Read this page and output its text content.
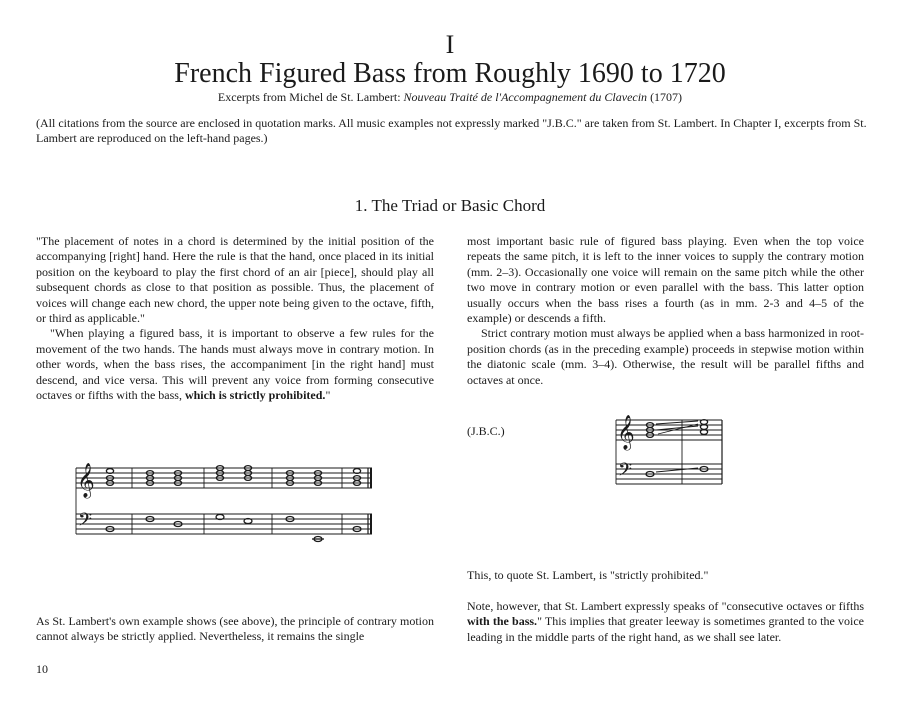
I
French Figured Bass from Roughly 1690 to 1720
Excerpts from Michel de St. Lambert: Nouveau Traité de l'Accompagnement du Clavecin (1707)
(All citations from the source are enclosed in quotation marks. All music examples not expressly marked "J.B.C." are taken from St. Lambert. In Chapter I, excerpts from St. Lambert are reproduced on the left-hand pages.)
1. The Triad or Basic Chord

"The placement of notes in a chord is determined by the initial position of the accompanying [right] hand. Here the rule is that the hand, once placed in its initial position on the keyboard to play the first chord of an air [piece], should play all subsequent chords as close to that position as possible. Thus, the placement of voices will change each new chord, the upper note being given to the octave, fifth, or third as applicable."

"When playing a figured bass, it is important to observe a few rules for the movement of the two hands. The hands must always move in contrary motion. In other words, when the bass rises, the accompaniment [in the right hand] must descend, and vice versa. This will prevent any voice from forming consecutive octaves or fifths with the bass, which is strictly prohibited."

𝄞
𝄢

As St. Lambert's own example shows (see above), the principle of contrary motion cannot always be strictly applied. Nevertheless, it remains the single

most important basic rule of figured bass playing. Even when the top voice repeats the same pitch, it is left to the inner voices to supply the contrary motion (mm. 2–3). Occasionally one voice will remain on the same pitch while the other two move in contrary motion or even parallel with the bass. This latter option usually occurs when the bass rises a fourth (as in mm. 2-3 and 4–5 of the example) or descends a fifth.

Strict contrary motion must always be applied when a bass harmonized in root-position chords (as in the preceding example) proceeds in stepwise motion within the diatonic scale (mm. 3–4). Otherwise, the result will be parallel fifths and octaves at once.

(J.B.C.)	𝄞
𝄢

This, to quote St. Lambert, is "strictly prohibited."

Note, however, that St. Lambert expressly speaks of "consecutive octaves or fifths with the bass." This implies that greater leeway is sometimes granted to the voice leading in the middle parts of the right hand, as we shall see later.

10
